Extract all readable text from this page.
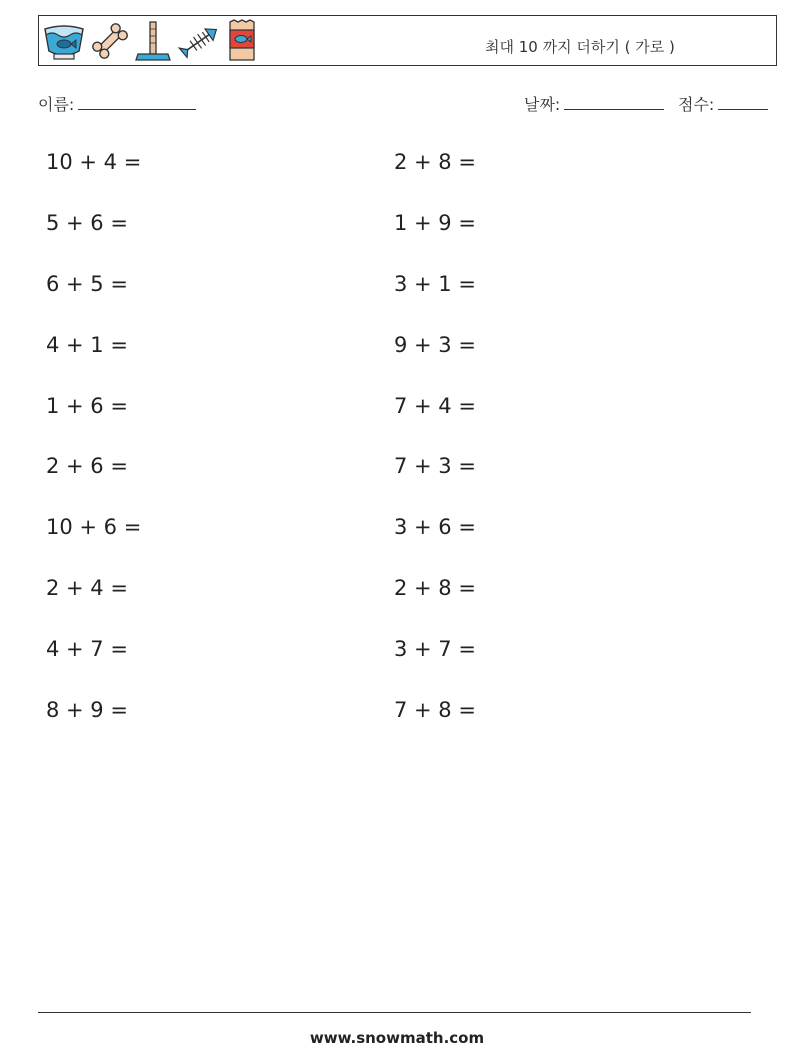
최대 10 까지 더하기 ( 가로 )
이름:	날짜:	점수:
10 + 4 =
5 + 6 =
6 + 5 =
4 + 1 =
1 + 6 =
2 + 6 =
10 + 6 =
2 + 4 =
4 + 7 =
8 + 9 =
2 + 8 =
1 + 9 =
3 + 1 =
9 + 3 =
7 + 4 =
7 + 3 =
3 + 6 =
2 + 8 =
3 + 7 =
7 + 8 =
www.snowmath.com
